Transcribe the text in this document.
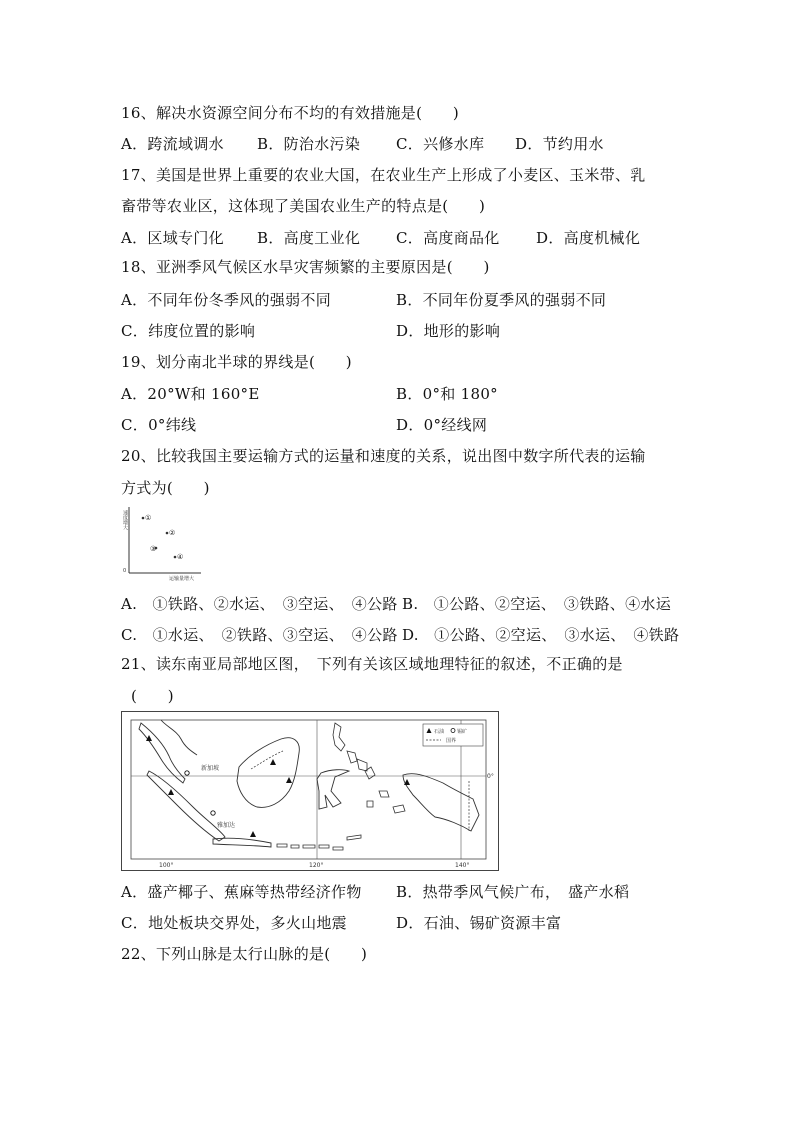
16、解决水资源空间分布不均的有效措施是(　　)
A．跨流域调水 B．防治水污染 C．兴修水库 D．节约用水
17、美国是世界上重要的农业大国，在农业生产上形成了小麦区、玉米带、乳
畜带等农业区，这体现了美国农业生产的特点是(　　)
A．区域专门化 B．高度工业化 C．高度商品化 D．高度机械化
18、亚洲季风气候区水旱灾害频繁的主要原因是(　　)
A．不同年份冬季风的强弱不同	B．不同年份夏季风的强弱不同
C．纬度位置的影响	D．地形的影响
19、划分南北半球的界线是(　　)
A．20°W和 160°E	B．0°和 180°
C．0°纬线	D．0°经线网
20、比较我国主要运输方式的运量和速度的关系，说出图中数字所代表的运输
方式为(　　)
速度增大
运输量增大
0
①
②
③
④
A.　①铁路、②水运、　③空运、　④公路 B.　①公路、②空运、　③铁路、④水运
C.　①水运、　②铁路、③空运、　④公路 D.　①公路、②空运、　③水运、　④铁路
21、读东南亚局部地区图，　下列有关该区域地理特征的叙述，不正确的是
(　　)
新加坡
雅加达
石油	锡矿
国界
0°
100°	120°	140°
A．盛产椰子、蕉麻等热带经济作物 B．热带季风气候广布，　盛产水稻
C．地处板块交界处，多火山地震	D．石油、锡矿资源丰富
22、下列山脉是太行山脉的是(　　)
